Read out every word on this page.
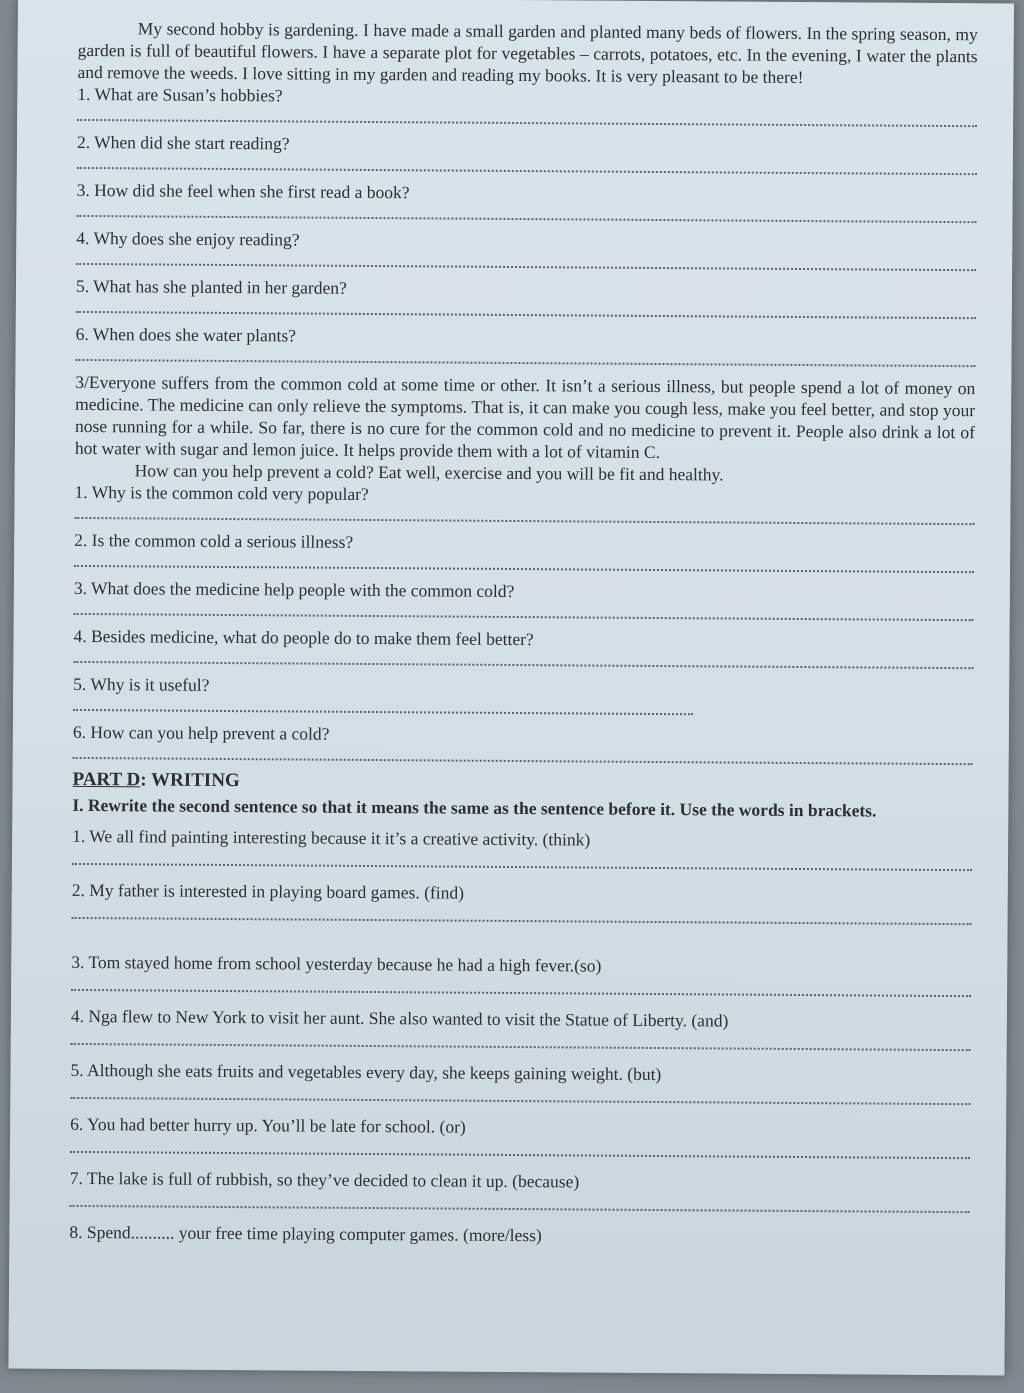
My second hobby is gardening. I have made a small garden and planted many beds of flowers. In the spring season, my garden is full of beautiful flowers. I have a separate plot for vegetables – carrots, potatoes, etc. In the evening, I water the plants and remove the weeds. I love sitting in my garden and reading my books. It is very pleasant to be there!

1. What are Susan’s hobbies?

2. When did she start reading?

3. How did she feel when she first read a book?

4. Why does she enjoy reading?

5. What has she planted in her garden?

6. When does she water plants?

3/Everyone suffers from the common cold at some time or other. It isn’t a serious illness, but people spend a lot of money on medicine. The medicine can only relieve the symptoms. That is, it can make you cough less, make you feel better, and stop your nose running for a while. So far, there is no cure for the common cold and no medicine to prevent it. People also drink a lot of hot water with sugar and lemon juice. It helps provide them with a lot of vitamin C.

How can you help prevent a cold? Eat well, exercise and you will be fit and healthy.

1. Why is the common cold very popular?

2. Is the common cold a serious illness?

3. What does the medicine help people with the common cold?

4. Besides medicine, what do people do to make them feel better?

5. Why is it useful?

6. How can you help prevent a cold?

PART D: WRITING

I. Rewrite the second sentence so that it means the same as the sentence before it. Use the words in brackets.

1. We all find painting interesting because it it’s a creative activity. (think)

2. My father is interested in playing board games. (find)

3. Tom stayed home from school yesterday because he had a high fever.(so)

4. Nga flew to New York to visit her aunt. She also wanted to visit the Statue of Liberty. (and)

5. Although she eats fruits and vegetables every day, she keeps gaining weight. (but)

6. You had better hurry up. You’ll be late for school. (or)

7. The lake is full of rubbish, so they’ve decided to clean it up. (because)

8. Spend.......... your free time playing computer games. (more/less)
